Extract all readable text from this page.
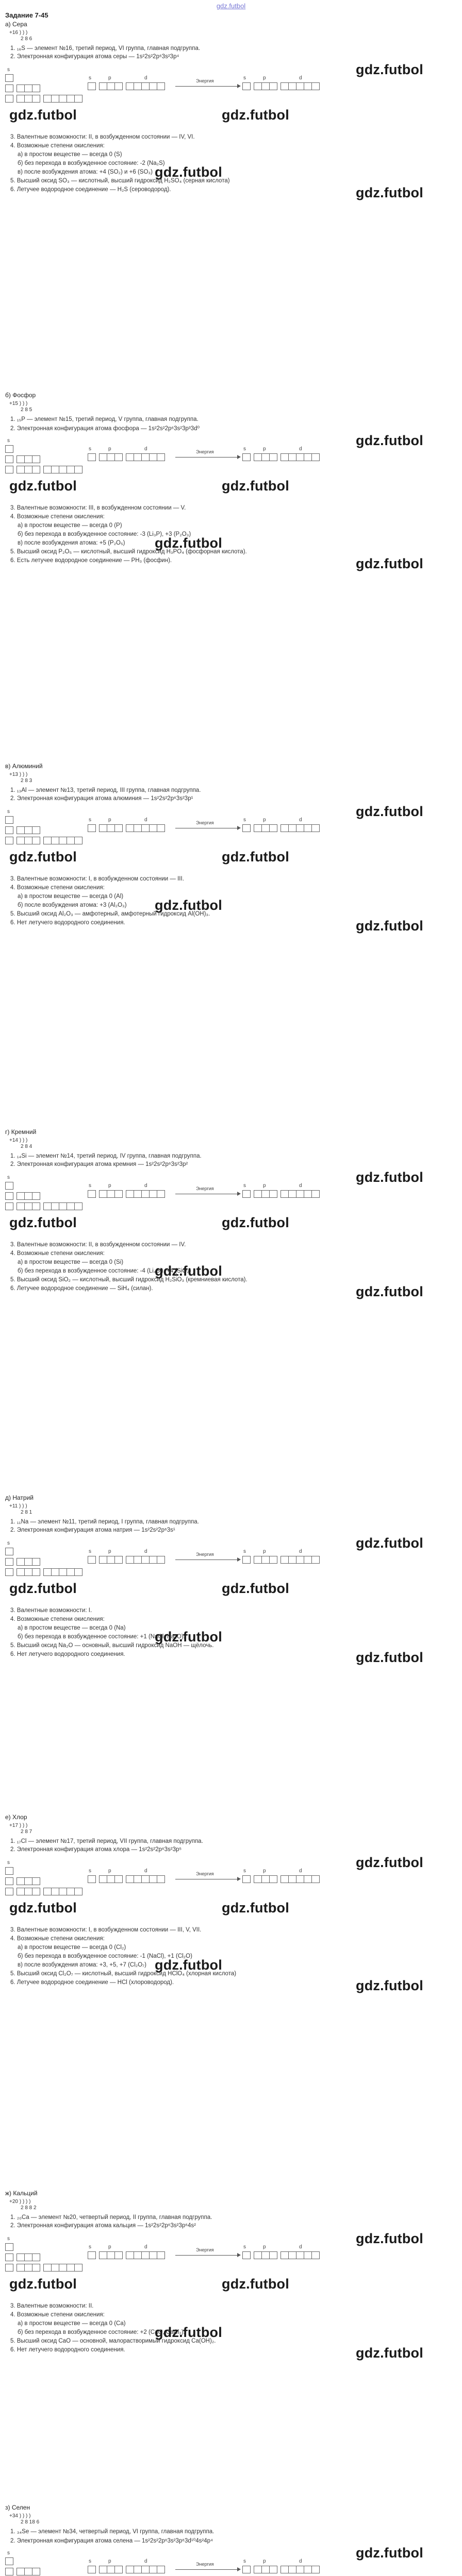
gdz.futbol
Задание 7-45
а) Сера
+16 ) ) )
2 8 6
1. ₁₆S — элемент №16, третий период, VI группа, главная подгруппа.
2. Электронная конфигурация атома серы — 1s²2s²2p⁶3s²3p⁴
s
Энергия
s	s
p	p
d	d
gdz.futbol	gdz.futbol
3. Валентные возможности: II, в возбужденном состоянии — IV, VI.
4. Возможные степени окисления:
а) в простом веществе — всегда 0 (S)
б) без перехода в возбужденное состояние: -2 (Na₂S)
в) после возбуждения атома: +4 (SO₂) и +6 (SO₃)
5. Высший оксид SO₃ — кислотный, высший гидроксид H₂SO₄ (серная кислота)
6. Летучее водородное соединение — H₂S (сероводород).
gdz.futbol
gdz.futbol
gdz.futbol
б) Фосфор
+15 ) ) )
2 8 5
1. ₁₅P — элемент №15, третий период, V группа, главная подгруппа.
2. Электронная конфигурация атома фосфора — 1s²2s²2p⁶3s²3p³3d⁰
s
Энергия
s	s
p	p
d	d
gdz.futbol	gdz.futbol
3. Валентные возможности: III, в возбужденном состоянии — V.
4. Возможные степени окисления:
а) в простом веществе — всегда 0 (P)
б) без перехода в возбужденное состояние: -3 (Li₃P), +3 (P₂O₃)
в) после возбуждения атома: +5 (P₂O₅)
5. Высший оксид P₂O₅ — кислотный, высший гидроксид H₃PO₄ (фосфорная кислота).
6. Есть летучее водородное соединение — PH₃ (фосфин).
gdz.futbol
gdz.futbol
gdz.futbol
в) Алюминий
+13 ) ) )
2 8 3
1. ₁₃Al — элемент №13, третий период, III группа, главная подгруппа.
2. Электронная конфигурация атома алюминия — 1s²2s²2p⁶3s²3p¹
s
Энергия
s	s
p	p
d	d
gdz.futbol	gdz.futbol
3. Валентные возможности: I, в возбужденном состоянии — III.
4. Возможные степени окисления:
а) в простом веществе — всегда 0 (Al)
б) после возбуждения атома: +3 (Al₂O₃)
5. Высший оксид Al₂O₃ — амфотерный, амфотерный гидроксид Al(OH)₃.
6. Нет летучего водородного соединения.
gdz.futbol
gdz.futbol
gdz.futbol
г) Кремний
+14 ) ) )
2 8 4
1. ₁₄Si — элемент №14, третий период, IV группа, главная подгруппа.
2. Электронная конфигурация атома кремния — 1s²2s²2p⁶3s²3p²
s
Энергия
s	s
p	p
d	d
gdz.futbol	gdz.futbol
3. Валентные возможности: II, в возбужденном состоянии — IV.
4. Возможные степени окисления:
а) в простом веществе — всегда 0 (Si)
б) без перехода в возбужденное состояние: -4 (Li₄Si), +4 (SiO₂)
5. Высший оксид SiO₂ — кислотный, высший гидроксид H₂SiO₃ (кремниевая кислота).
6. Летучее водородное соединение — SiH₄ (силан).
gdz.futbol
gdz.futbol
gdz.futbol
д) Натрий
+11 ) ) )
2 8 1
1. ₁₁Na — элемент №11, третий период, I группа, главная подгруппа.
2. Электронная конфигурация атома натрия — 1s²2s²2p⁶3s¹
s
Энергия
s	s
p	p
d	d
gdz.futbol	gdz.futbol
3. Валентные возможности: I.
4. Возможные степени окисления:
а) в простом веществе — всегда 0 (Na)
б) без перехода в возбужденное состояние: +1 (NaCl, Na₂O).
5. Высший оксид Na₂O — основный, высший гидроксид NaOH — щёлочь.
6. Нет летучего водородного соединения.
gdz.futbol
gdz.futbol
gdz.futbol
е) Хлор
+17 ) ) )
2 8 7
1. ₁₇Cl — элемент №17, третий период, VII группа, главная подгруппа.
2. Электронная конфигурация атома хлора — 1s²2s²2p⁶3s²3p⁵
s
Энергия
s	s
p	p
d	d
gdz.futbol	gdz.futbol
3. Валентные возможности: I, в возбужденном состоянии — III, V, VII.
4. Возможные степени окисления:
а) в простом веществе — всегда 0 (Cl₂)
б) без перехода в возбужденное состояние: -1 (NaCl), +1 (Cl₂O)
в) после возбуждения атома: +3, +5, +7 (Cl₂O₇)
5. Высший оксид Cl₂O₇ — кислотный, высший гидроксид HClO₄ (хлорная кислота)
6. Летучее водородное соединение — HCl (хлороводород).
gdz.futbol
gdz.futbol
gdz.futbol
ж) Кальций
+20 ) ) ) )
2 8 8 2
1. ₂₀Ca — элемент №20, четвертый период, II группа, главная подгруппа.
2. Электронная конфигурация атома кальция — 1s²2s²2p⁶3s²3p⁶4s²
s
Энергия
s	s
p	p
d	d
gdz.futbol	gdz.futbol
3. Валентные возможности: II.
4. Возможные степени окисления:
а) в простом веществе — всегда 0 (Ca)
б) без перехода в возбужденное состояние: +2 (CaO, CaCl₂).
5. Высший оксид CaO — основной, малорастворимый гидроксид Ca(OH)₂.
6. Нет летучего водородного соединения.
gdz.futbol
gdz.futbol
gdz.futbol
з) Селен
+34 ) ) ) )
2 8 18 6
1. ₃₄Se — элемент №34, четвертый период, VI группа, главная подгруппа.
2. Электронная конфигурация атома селена — 1s²2s²2p⁶3s²3p⁶3d¹⁰4s²4p⁴
s
Энергия
s	s
p	p
d	d
gdz.futbol
